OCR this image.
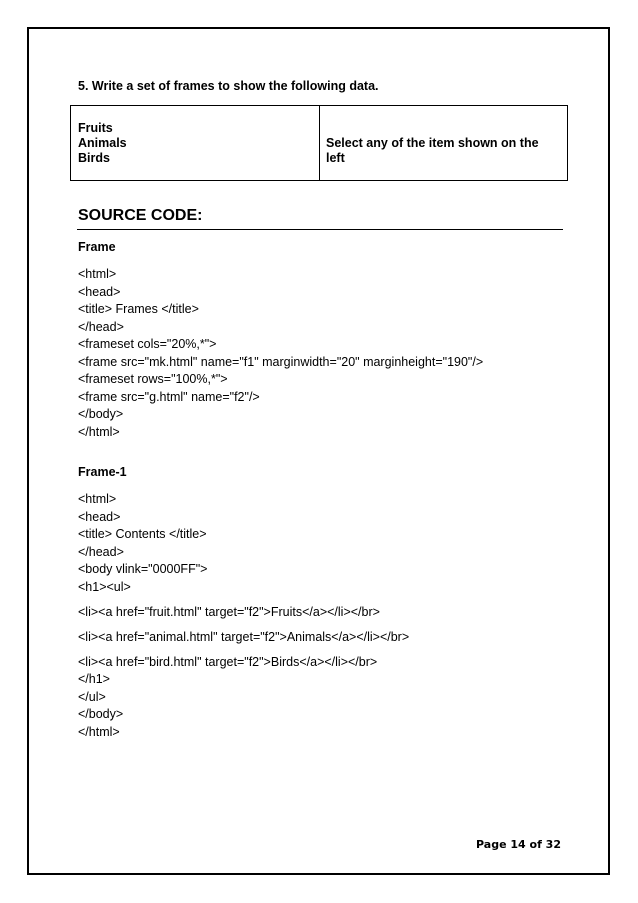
5. Write a set of frames to show the following data.
Fruits
Animals
Birds
Select any of the item shown on the
left
SOURCE CODE:
Frame
<html>
<head>
<title> Frames </title>
</head>
<frameset cols="20%,*">
<frame src="mk.html" name="f1" marginwidth="20" marginheight="190"/>
<frameset rows="100%,*">
<frame src="g.html" name="f2"/>
</body>
</html>
Frame-1
<html>
<head>
<title> Contents </title>
</head>
<body vlink="0000FF">
<h1><ul>
<li><a href="fruit.html" target="f2">Fruits</a></li></br>
<li><a href="animal.html" target="f2">Animals</a></li></br>
<li><a href="bird.html" target="f2">Birds</a></li></br>
</h1>
</ul>
</body>
</html>
Page 14 of 32
